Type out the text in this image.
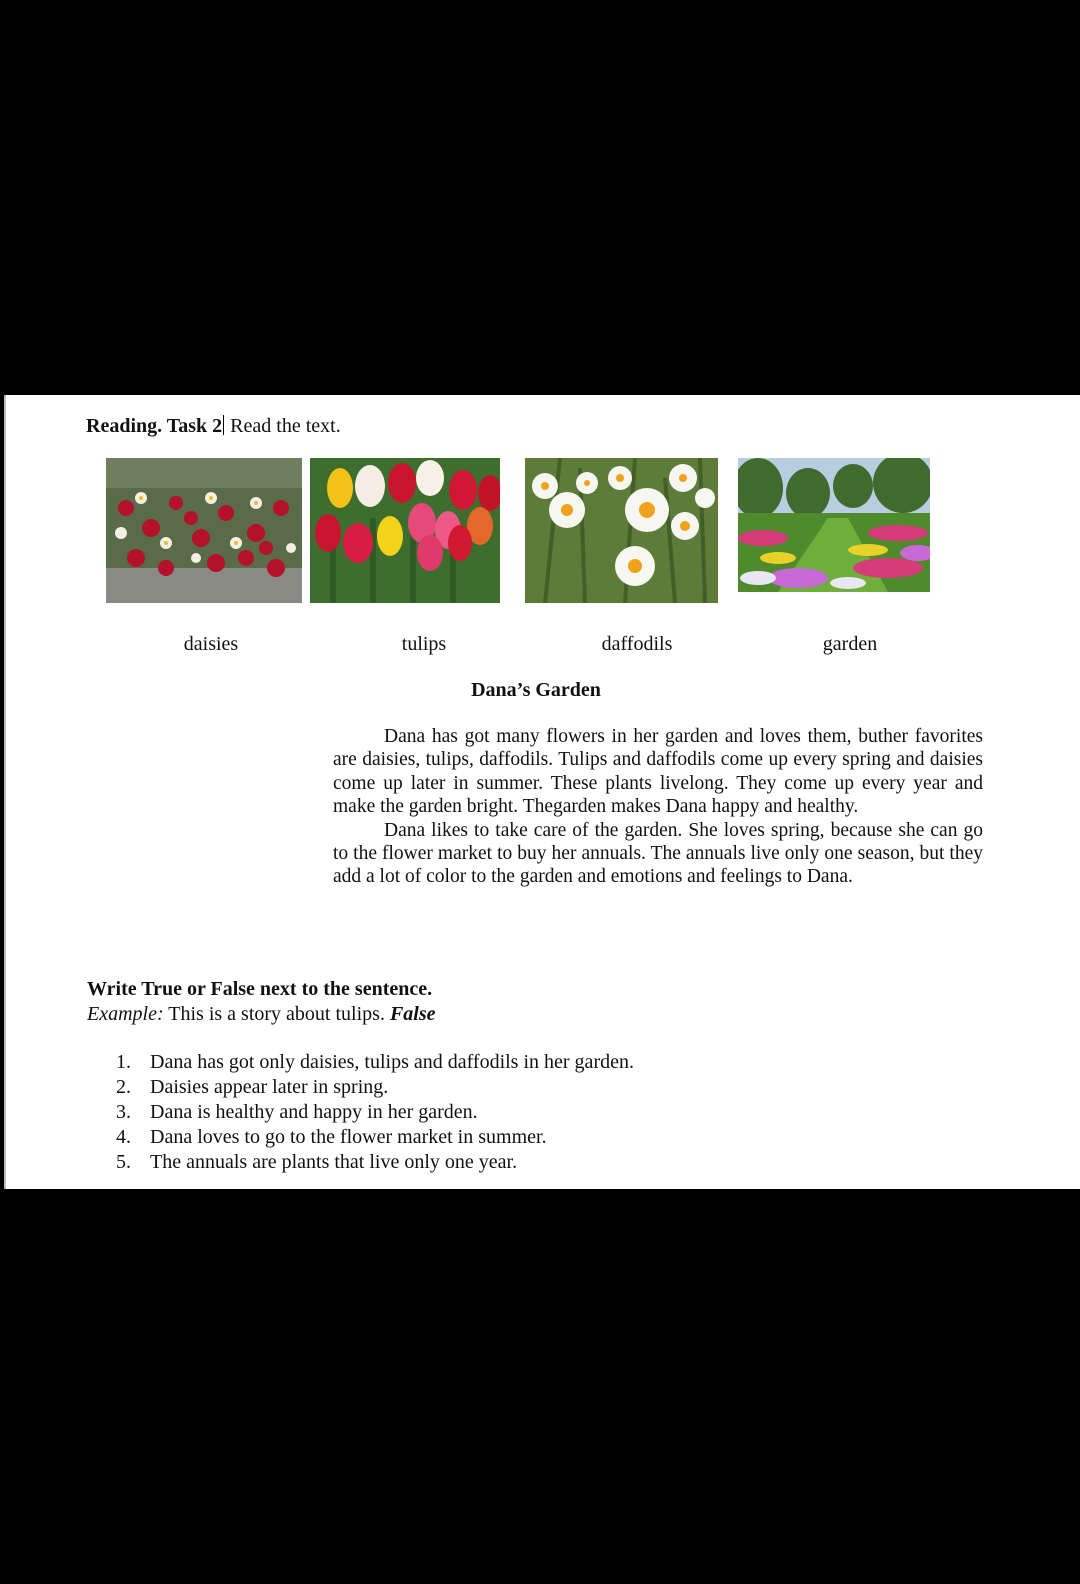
Reading. Task 2 Read the text.
daisies	tulips	daffodils	garden
Dana’s Garden

Dana has got many flowers in her garden and loves them, buther favorites are daisies, tulips, daffodils. Tulips and daffodils come up every spring and daisies come up later in summer. These plants livelong. They come up every year and make the garden bright. Thegarden makes Dana happy and healthy.

Dana likes to take care of the garden. She loves spring, because she can go to the flower market to buy her annuals. The annuals live only one season, but they add a lot of color to the garden and emotions and feelings to Dana.

Write True or False next to the sentence.
Example: This is a story about tulips. False
1. Dana has got only daisies, tulips and daffodils in her garden.
2. Daisies appear later in spring.
3. Dana is healthy and happy in her garden.
4. Dana loves to go to the flower market in summer.
5. The annuals are plants that live only one year.
